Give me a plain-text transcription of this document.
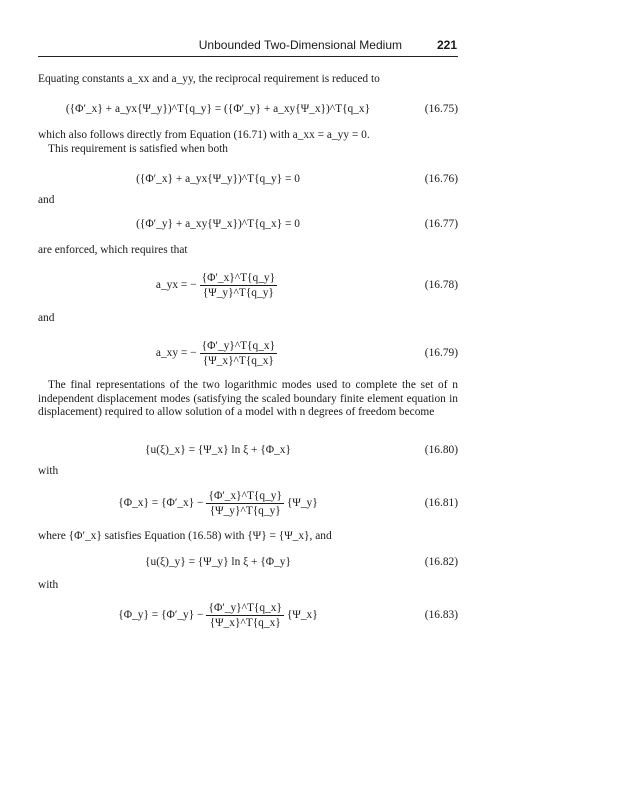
Unbounded Two-Dimensional Medium	221
Equating constants a_xx and a_yy, the reciprocal requirement is reduced to
({Φ′_x} + a_yx{Ψ_y})^T{q_y} = ({Φ′_y} + a_xy{Ψ_x})^T{q_x}	(16.75)
which also follows directly from Equation (16.71) with a_xx = a_yy = 0.
This requirement is satisfied when both
({Φ′_x} + a_yx{Ψ_y})^T{q_y} = 0	(16.76)
and
({Φ′_y} + a_xy{Ψ_x})^T{q_x} = 0	(16.77)
are enforced, which requires that
a_yx = − $\frac{\{\Phi'\_x\}\^{}T\{q\_y\}}{\{\Psi\_y\}\^{}T\{q\_y\}}$	(16.78)
and
a_xy = − $\frac{\{\Phi'\_y\}\^{}T\{q\_x\}}{\{\Psi\_x\}\^{}T\{q\_x\}}$	(16.79)
The final representations of the two logarithmic modes used to complete the set of n independent displacement modes (satisfying the scaled boundary finite element equation in displacement) required to allow solution of a model with n degrees of freedom become
{u(ξ)_x} = {Ψ_x} ln ξ + {Φ_x}	(16.80)
with
{Φ_x} = {Φ′_x} − $\frac{\{\Phi'\_x\}\^{}T\{q\_y\}}{\{\Psi\_y\}\^{}T\{q\_y\}}$ {Ψ_y}	(16.81)
where {Φ′_x} satisfies Equation (16.58) with {Ψ} = {Ψ_x}, and
{u(ξ)_y} = {Ψ_y} ln ξ + {Φ_y}	(16.82)
with
{Φ_y} = {Φ′_y} − $\frac{\{\Phi'\_y\}\^{}T\{q\_x\}}{\{\Psi\_x\}\^{}T\{q\_x\}}$ {Ψ_x}	(16.83)
